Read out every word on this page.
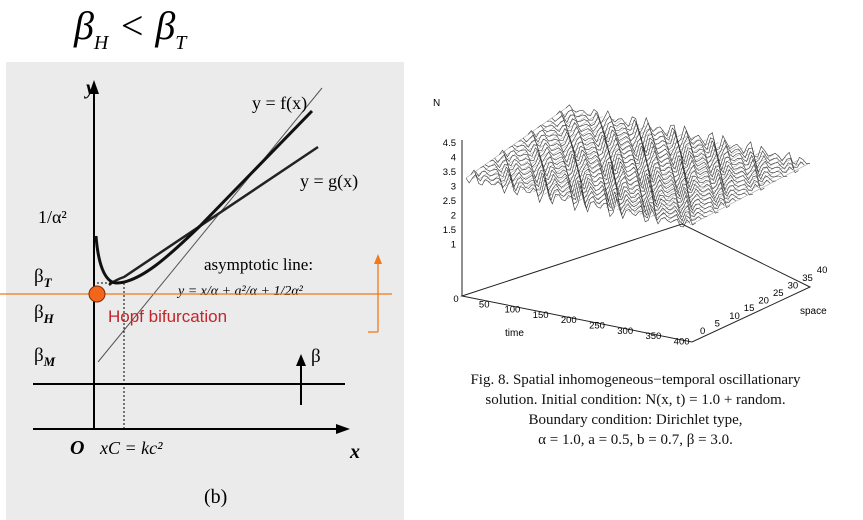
$\beta_H < \beta_T$
y
x
O
y = f(x)
y = g(x)
1/α²
$\beta_T$
$\beta_H$
$\beta_M$
asymptotic line:
y = x/α + a²/α + 1/2α²
xC = kc²
β
Hopf bifurcation
(b)
4.5
4
3.5
3
2.5
2
1.5
1
0 50 100 150 200 250 300 350 400
0
5
10
15
20
25
30
35
40
N
time
space
Fig. 8. Spatial inhomogeneous−temporal oscillationary
solution. Initial condition: N(x, t) = 1.0 + random.
Boundary condition: Dirichlet type,
α = 1.0, a = 0.5, b = 0.7, β = 3.0.
